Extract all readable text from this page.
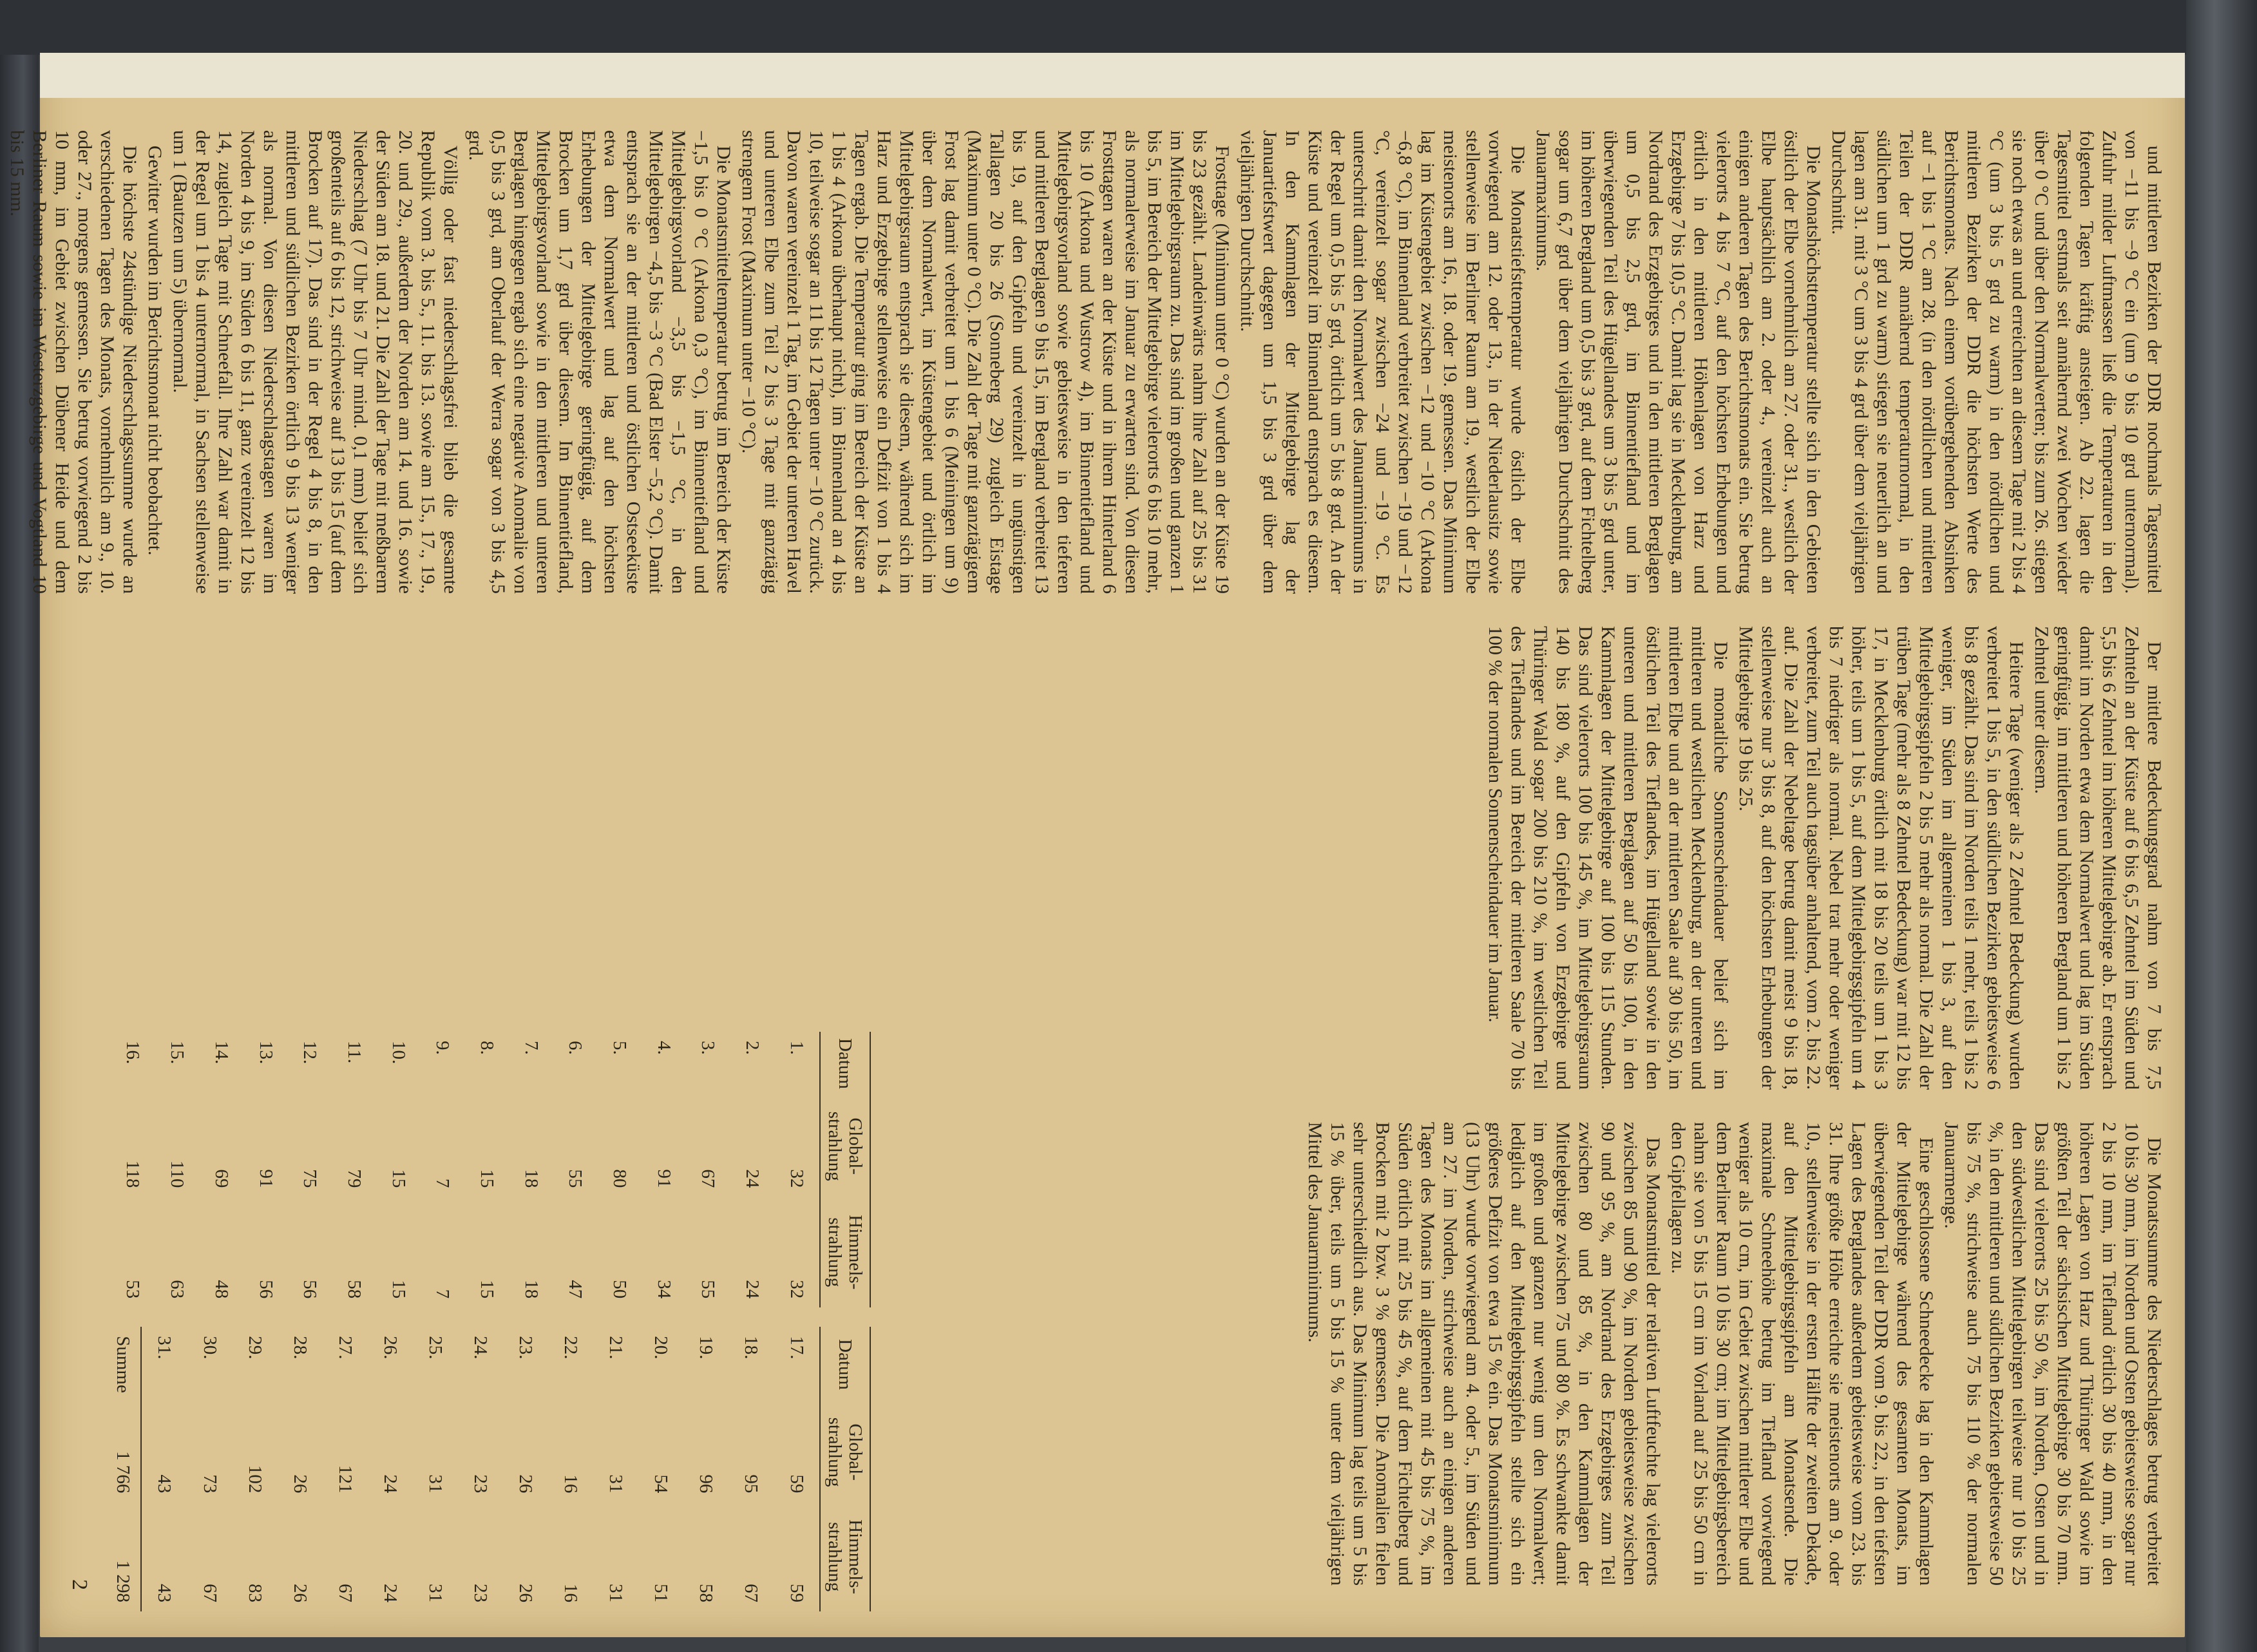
und mittleren Bezirken der DDR nochmals Tagesmittel von −11 bis −9 °C ein (um 9 bis 10 grd unternormal). Zufuhr milder Luftmassen ließ die Temperaturen in den folgenden Tagen kräftig ansteigen. Ab 22. lagen die Tagesmittel erstmals seit annähernd zwei Wochen wieder über 0 °C und über den Normalwerten; bis zum 26. stiegen sie noch etwas an und erreichten an diesem Tage mit 2 bis 4 °C (um 3 bis 5 grd zu warm) in den nördlichen und mittleren Bezirken der DDR die höchsten Werte des Berichtsmonats. Nach einem vorübergehenden Absinken auf −1 bis 1 °C am 28. (in den nördlichen und mittleren Teilen der DDR annähernd temperaturnormal, in den südlichen um 1 grd zu warm) stiegen sie neuerlich an und lagen am 31. mit 3 °C um 3 bis 4 grd über dem vieljährigen Durchschnitt.

Die Monatshöchsttemperatur stellte sich in den Gebieten östlich der Elbe vornehmlich am 27. oder 31., westlich der Elbe hauptsächlich am 2. oder 4., vereinzelt auch an einigen anderen Tagen des Berichtsmonats ein. Sie betrug vielerorts 4 bis 7 °C, auf den höchsten Erhebungen und örtlich in den mittleren Höhenlagen von Harz und Erzgebirge 7 bis 10,5 °C. Damit lag sie in Mecklenburg, am Nordrand des Erzgebirges und in den mittleren Berglagen um 0,5 bis 2,5 grd, im Binnentiefland und im überwiegenden Teil des Hügellandes um 3 bis 5 grd unter, im höheren Bergland um 0,5 bis 3 grd, auf dem Fichtelberg sogar um 6,7 grd über dem vieljährigen Durchschnitt des Januarmaximums.

Die Monatstiefsttemperatur wurde östlich der Elbe vorwiegend am 12. oder 13., in der Niederlausitz sowie stellenweise im Berliner Raum am 19., westlich der Elbe meistenorts am 16., 18. oder 19. gemessen. Das Minimum lag im Küstengebiet zwischen −12 und −10 °C (Arkona −6,8 °C), im Binnenland verbreitet zwischen −19 und −12 °C, vereinzelt sogar zwischen −24 und −19 °C. Es unterschritt damit den Normalwert des Januarminimums in der Regel um 0,5 bis 5 grd, örtlich um 5 bis 8 grd. An der Küste und vereinzelt im Binnenland entsprach es diesem. In den Kammlagen der Mittelgebirge lag der Januartiefstwert dagegen um 1,5 bis 3 grd über dem vieljährigen Durchschnitt.

Frosttage (Minimum unter 0 °C) wurden an der Küste 19 bis 23 gezählt. Landeinwärts nahm ihre Zahl auf 25 bis 31 im Mittelgebirgsraum zu. Das sind im großen und ganzen 1 bis 5, im Bereich der Mittelgebirge vielerorts 6 bis 10 mehr, als normalerweise im Januar zu erwarten sind. Von diesen Frosttagen waren an der Küste und in ihrem Hinterland 6 bis 10 (Arkona und Wustrow 4), im Binnentiefland und Mittelgebirgsvorland sowie gebietsweise in den tieferen und mittleren Berglagen 9 bis 15, im Bergland verbreitet 13 bis 19, auf den Gipfeln und vereinzelt in ungünstigen Tallagen 20 bis 26 (Sonneberg 29) zugleich Eistage (Maximum unter 0 °C). Die Zahl der Tage mit ganztägigem Frost lag damit verbreitet um 1 bis 6 (Meiningen um 9) über dem Normalwert, im Küstengebiet und örtlich im Mittelgebirgsraum entsprach sie diesem, während sich im Harz und Erzgebirge stellenweise ein Defizit von 1 bis 4 Tagen ergab. Die Temperatur ging im Bereich der Küste an 1 bis 4 (Arkona überhaupt nicht), im Binnenland an 4 bis 10, teilweise sogar an 11 bis 12 Tagen unter −10 °C zurück. Davon waren vereinzelt 1 Tag, im Gebiet der unteren Havel und unteren Elbe zum Teil 2 bis 3 Tage mit ganztägig strengem Frost (Maximum unter −10 °C).

Die Monatsmitteltemperatur betrug im Bereich der Küste −1,5 bis 0 °C (Arkona 0,3 °C), im Binnentiefland und Mittelgebirgsvorland −3,5 bis −1,5 °C, in den Mittelgebirgen −4,5 bis −3 °C (Bad Elster −5,2 °C). Damit entsprach sie an der mittleren und östlichen Ostseeküste etwa dem Normalwert und lag auf den höchsten Erhebungen der Mittelgebirge geringfügig, auf dem Brocken um 1,7 grd über diesem. Im Binnentiefland, Mittelgebirgsvorland sowie in den mittleren und unteren Berglagen hingegen ergab sich eine negative Anomalie von 0,5 bis 3 grd, am Oberlauf der Werra sogar von 3 bis 4,5 grd.

Völlig oder fast niederschlagsfrei blieb die gesamte Republik vom 3. bis 5., 11. bis 13. sowie am 15., 17., 19., 20. und 29., außerdem der Norden am 14. und 16. sowie der Süden am 18. und 21. Die Zahl der Tage mit meßbarem Niederschlag (7 Uhr bis 7 Uhr mind. 0,1 mm) belief sich großenteils auf 6 bis 12, strichweise auf 13 bis 15 (auf dem Brocken auf 17). Das sind in der Regel 4 bis 8, in den mittleren und südlichen Bezirken örtlich 9 bis 13 weniger als normal. Von diesen Niederschlagstagen waren im Norden 4 bis 9, im Süden 6 bis 11, ganz vereinzelt 12 bis 14, zugleich Tage mit Schneefall. Ihre Zahl war damit in der Regel um 1 bis 4 unternormal, in Sachsen stellenweise um 1 (Bautzen um 5) übernormal.

Gewitter wurden im Berichtsmonat nicht beobachtet.

Die höchste 24stündige Niederschlagssumme wurde an verschiedenen Tagen des Monats, vornehmlich am 9., 10. oder 27., morgens gemessen. Sie betrug vorwiegend 2 bis 10 mm, im Gebiet zwischen Dübener Heide und dem Berliner Raum sowie im Westerzgebirge und Vogtland 10 bis 15 mm.

Der mittlere Bedeckungsgrad nahm von 7 bis 7,5 Zehnteln an der Küste auf 6 bis 6,5 Zehntel im Süden und 5,5 bis 6 Zehntel im höheren Mittelgebirge ab. Er entsprach damit im Norden etwa dem Normalwert und lag im Süden geringfügig, im mittleren und höheren Bergland um 1 bis 2 Zehntel unter diesem.

Heitere Tage (weniger als 2 Zehntel Bedeckung) wurden verbreitet 1 bis 5, in den südlichen Bezirken gebietsweise 6 bis 8 gezählt. Das sind im Norden teils 1 mehr, teils 1 bis 2 weniger, im Süden im allgemeinen 1 bis 3, auf den Mittelgebirgsgipfeln 2 bis 5 mehr als normal. Die Zahl der trüben Tage (mehr als 8 Zehntel Bedeckung) war mit 12 bis 17, in Mecklenburg örtlich mit 18 bis 20 teils um 1 bis 3 höher, teils um 1 bis 5, auf dem Mittelgebirgsgipfeln um 4 bis 7 niedriger als normal. Nebel trat mehr oder weniger verbreitet, zum Teil auch tagsüber anhaltend, vom 2. bis 22. auf. Die Zahl der Nebeltage betrug damit meist 9 bis 18, stellenweise nur 3 bis 8, auf den höchsten Erhebungen der Mittelgebirge 19 bis 25.

Die monatliche Sonnenscheindauer belief sich im mittleren und westlichen Mecklenburg, an der unteren und mittleren Elbe und an der mittleren Saale auf 30 bis 50, im östlichen Teil des Tieflandes, im Hügelland sowie in den unteren und mittleren Berglagen auf 50 bis 100, in den Kammlagen der Mittelgebirge auf 100 bis 115 Stunden. Das sind vielerorts 100 bis 145 %, im Mittelgebirgsraum 140 bis 180 %, auf den Gipfeln von Erzgebirge und Thüringer Wald sogar 200 bis 210 %, im westlichen Teil des Tieflandes und im Bereich der mittleren Saale 70 bis 100 % der normalen Sonnenscheindauer im Januar.

Die Monatssumme des Niederschlages betrug verbreitet 10 bis 30 mm, im Norden und Osten gebietsweise sogar nur 2 bis 10 mm, im Tiefland örtlich 30 bis 40 mm, in den höheren Lagen von Harz und Thüringer Wald sowie im größten Teil der sächsischen Mittelgebirge 30 bis 70 mm. Das sind vielerorts 25 bis 50 %, im Norden, Osten und in den südwestlichen Mittelgebirgen teilweise nur 10 bis 25 %, in den mittleren und südlichen Bezirken gebietsweise 50 bis 75 %, strichweise auch 75 bis 110 % der normalen Januarmenge.

Eine geschlossene Schneedecke lag in den Kammlagen der Mittelgebirge während des gesamten Monats, im überwiegenden Teil der DDR vom 9. bis 22., in den tiefsten Lagen des Berglandes außerdem gebietsweise vom 23. bis 31. Ihre größte Höhe erreichte sie meistenorts am 9. oder 10., stellenweise in der ersten Hälfte der zweiten Dekade, auf den Mittelgebirgsgipfeln am Monatsende. Die maximale Schneehöhe betrug im Tiefland vorwiegend weniger als 10 cm, im Gebiet zwischen mittlerer Elbe und dem Berliner Raum 10 bis 30 cm; im Mittelgebirgsbereich nahm sie von 5 bis 15 cm im Vorland auf 25 bis 50 cm in den Gipfellagen zu.

Das Monatsmittel der relativen Luftfeuchte lag vielerorts zwischen 85 und 90 %, im Norden gebietsweise zwischen 90 und 95 %, am Nordrand des Erzgebirges zum Teil zwischen 80 und 85 %, in den Kammlagen der Mittelgebirge zwischen 75 und 80 %. Es schwankte damit im großen und ganzen nur wenig um den Normalwert; lediglich auf den Mittelgebirgsgipfeln stellte sich ein größeres Defizit von etwa 15 % ein. Das Monatsminimum (13 Uhr) wurde vorwiegend am 4. oder 5., im Süden und am 27. im Norden, strichweise auch an einigen anderen Tagen des Monats im allgemeinen mit 45 bis 75 %, im Süden örtlich mit 25 bis 45 %, auf dem Fichtelberg und Brocken mit 2 bzw. 3 % gemessen. Die Anomalien fielen sehr unterschiedlich aus. Das Minimum lag teils um 5 bis 15 % über, teils um 5 bis 15 % unter dem vieljährigen Mittel des Januarminimums.

Datum	Global-strahlung	Himmels-strahlung
1.	32	32
2.	24	24
3.	67	55
4.	91	34
5.	80	50
6.	55	47
7.	18	18
8.	15	15
9.	7	7
10.	15	15
11.	79	58
12.	75	56
13.	91	56
14.	69	48
15.	110	63
16.	118	53
Datum	Global-strahlung	Himmels-strahlung
17.	59	59
18.	95	67
19.	96	58
20.	54	51
21.	31	31
22.	16	16
23.	26	26
24.	23	23
25.	31	31
26.	24	24
27.	121	67
28.	26	26
29.	102	83
30.	73	67
31.	43	43
Summe	1 766	1 298
2
